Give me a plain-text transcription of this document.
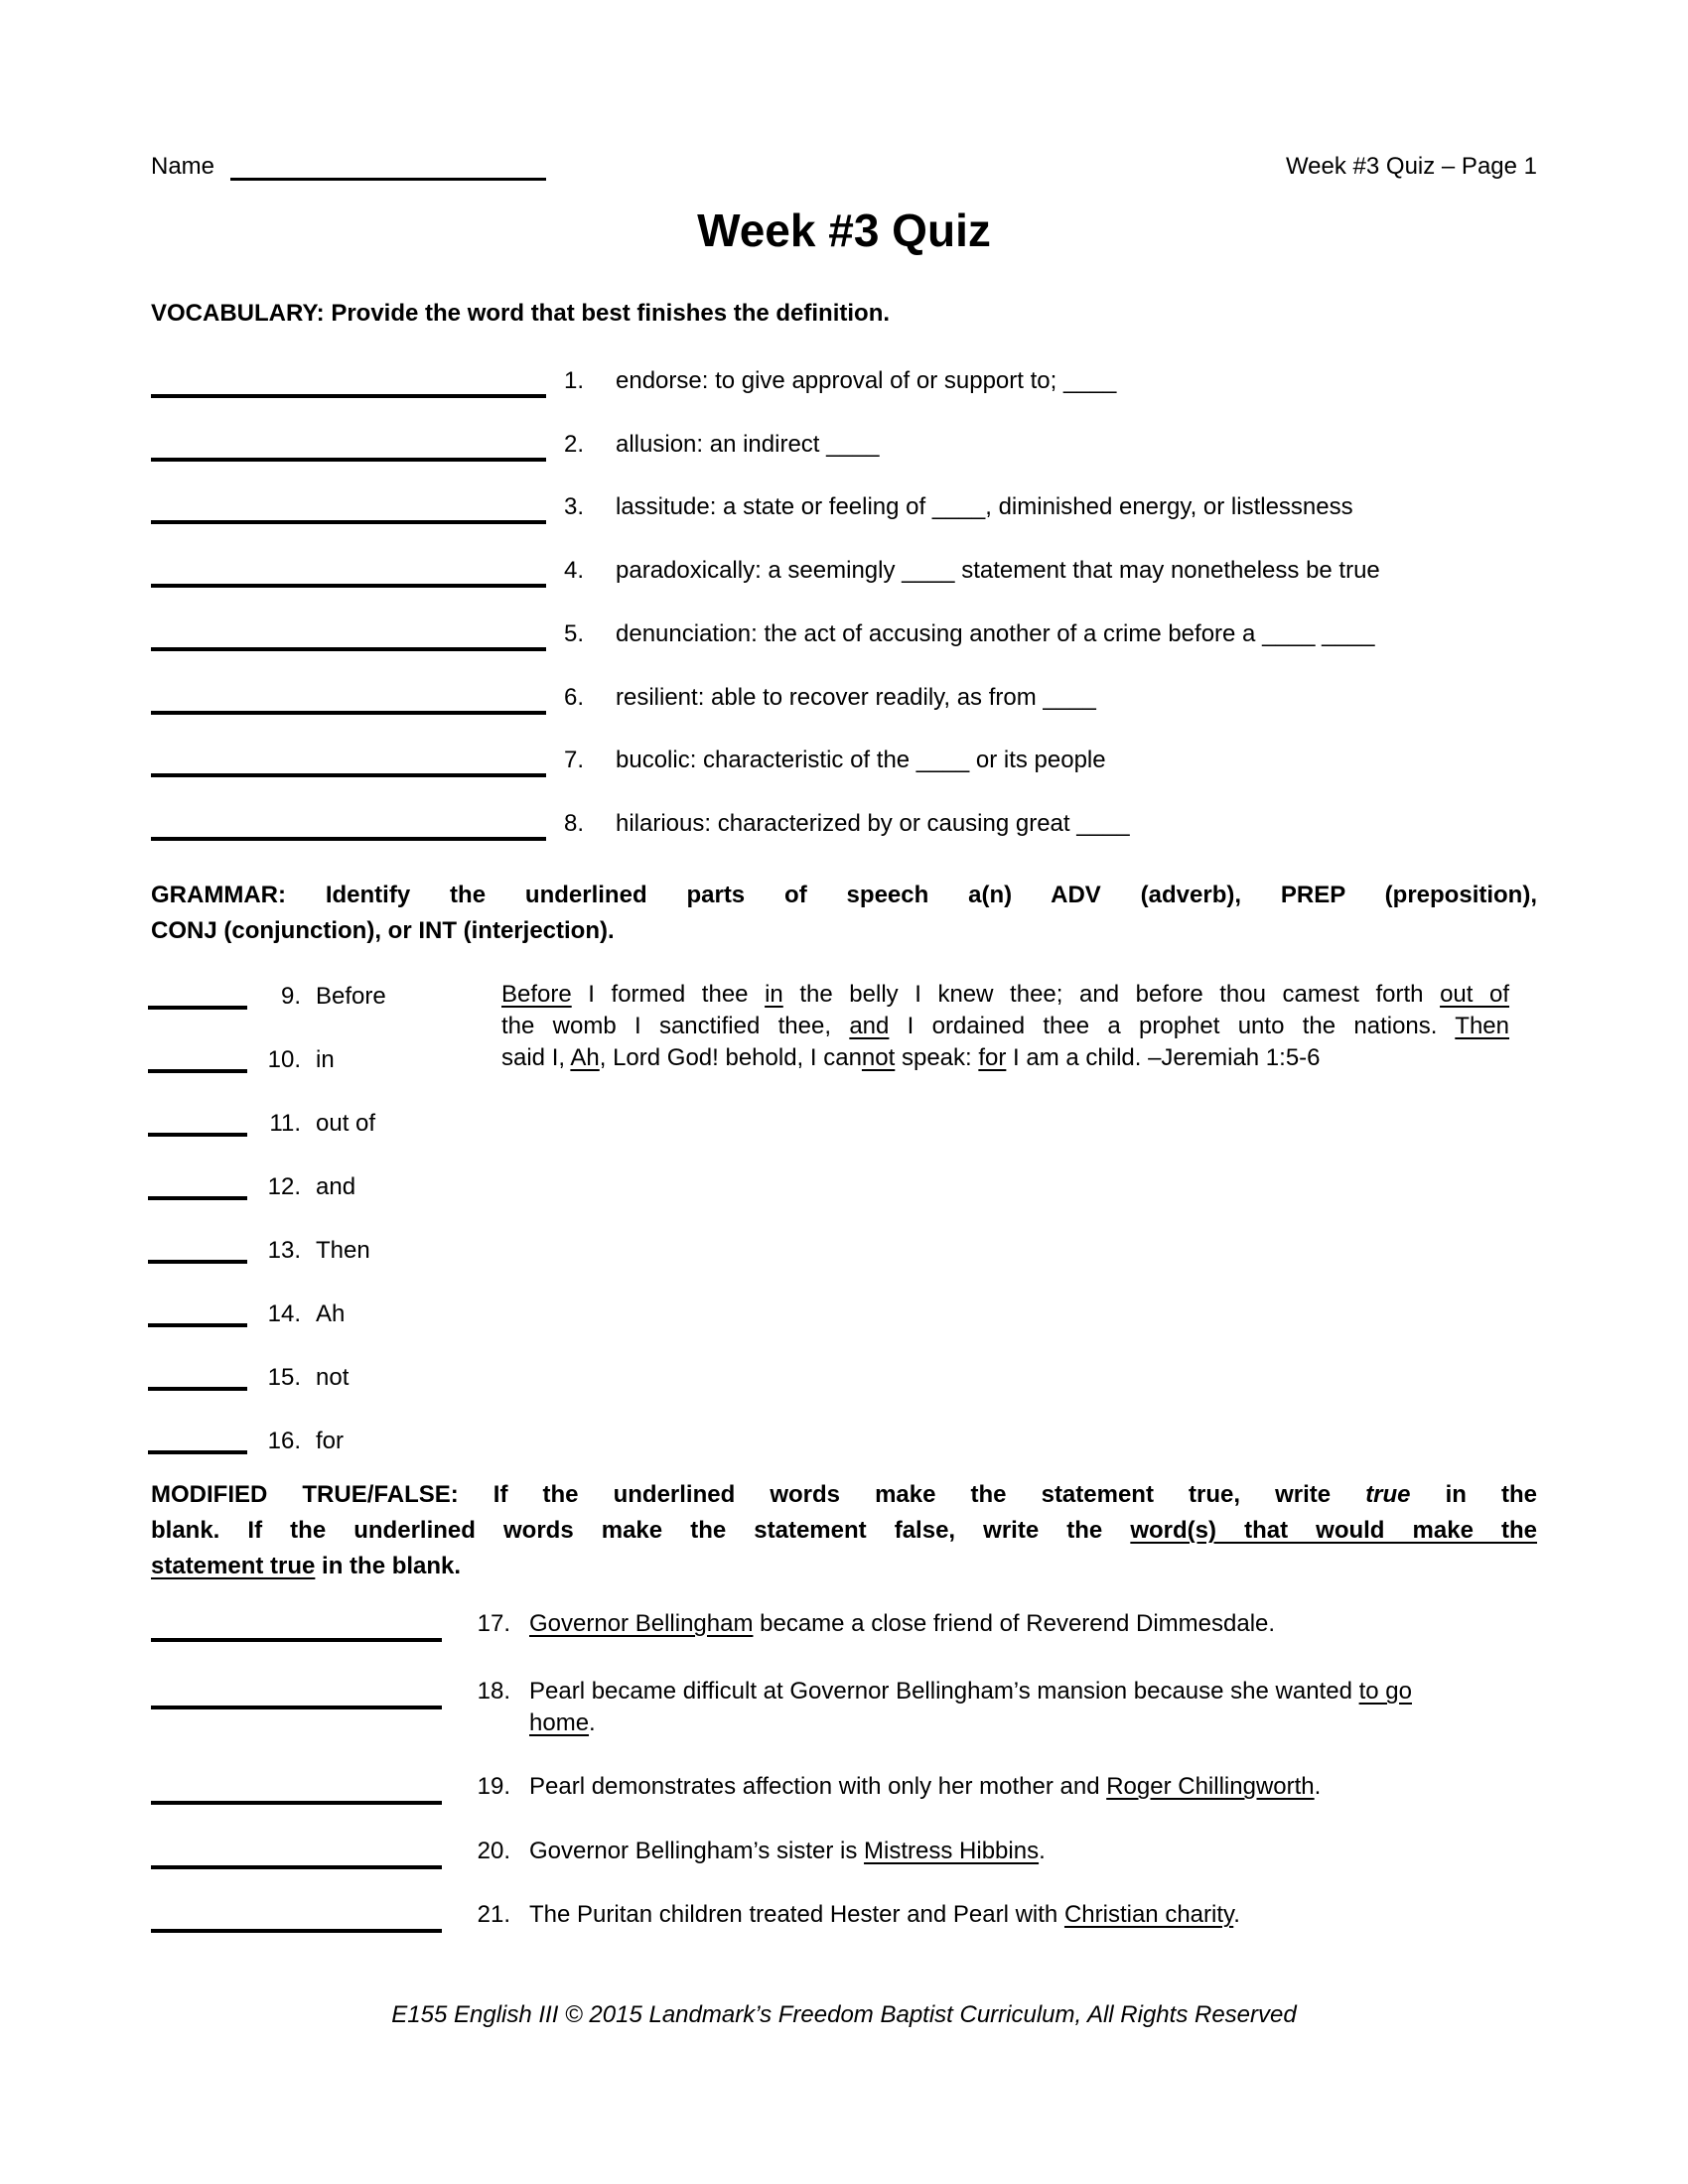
Name	Week #3 Quiz – Page 1
Week #3 Quiz
VOCABULARY: Provide the word that best finishes the definition.
1. endorse: to give approval of or support to; ____
2. allusion: an indirect ____
3. lassitude: a state or feeling of ____, diminished energy, or listlessness
4. paradoxically: a seemingly ____ statement that may nonetheless be true
5. denunciation: the act of accusing another of a crime before a ____ ____
6. resilient: able to recover readily, as from ____
7. bucolic: characteristic of the ____ or its people
8. hilarious: characterized by or causing great ____
GRAMMAR: Identify the underlined parts of speech a(n) ADV (adverb), PREP (preposition),
CONJ (conjunction), or INT (interjection).
9. Before
10. in
11. out of
12. and
13. Then
14. Ah
15. not
16. for
Before I formed thee in the belly I knew thee; and before thou camest forth out of
the womb I sanctified thee, and I ordained thee a prophet unto the nations. Then
said I, Ah, Lord God! behold, I cannot speak: for I am a child. –Jeremiah 1:5-6
MODIFIED TRUE/FALSE: If the underlined words make the statement true, write true in the
blank. If the underlined words make the statement false, write the word(s) that would make the
statement true in the blank.
17. Governor Bellingham became a close friend of Reverend Dimmesdale.
18. Pearl became difficult at Governor Bellingham’s mansion because she wanted to go
home.
19. Pearl demonstrates affection with only her mother and Roger Chillingworth.
20. Governor Bellingham’s sister is Mistress Hibbins.
21. The Puritan children treated Hester and Pearl with Christian charity.
E155 English III © 2015 Landmark’s Freedom Baptist Curriculum, All Rights Reserved
